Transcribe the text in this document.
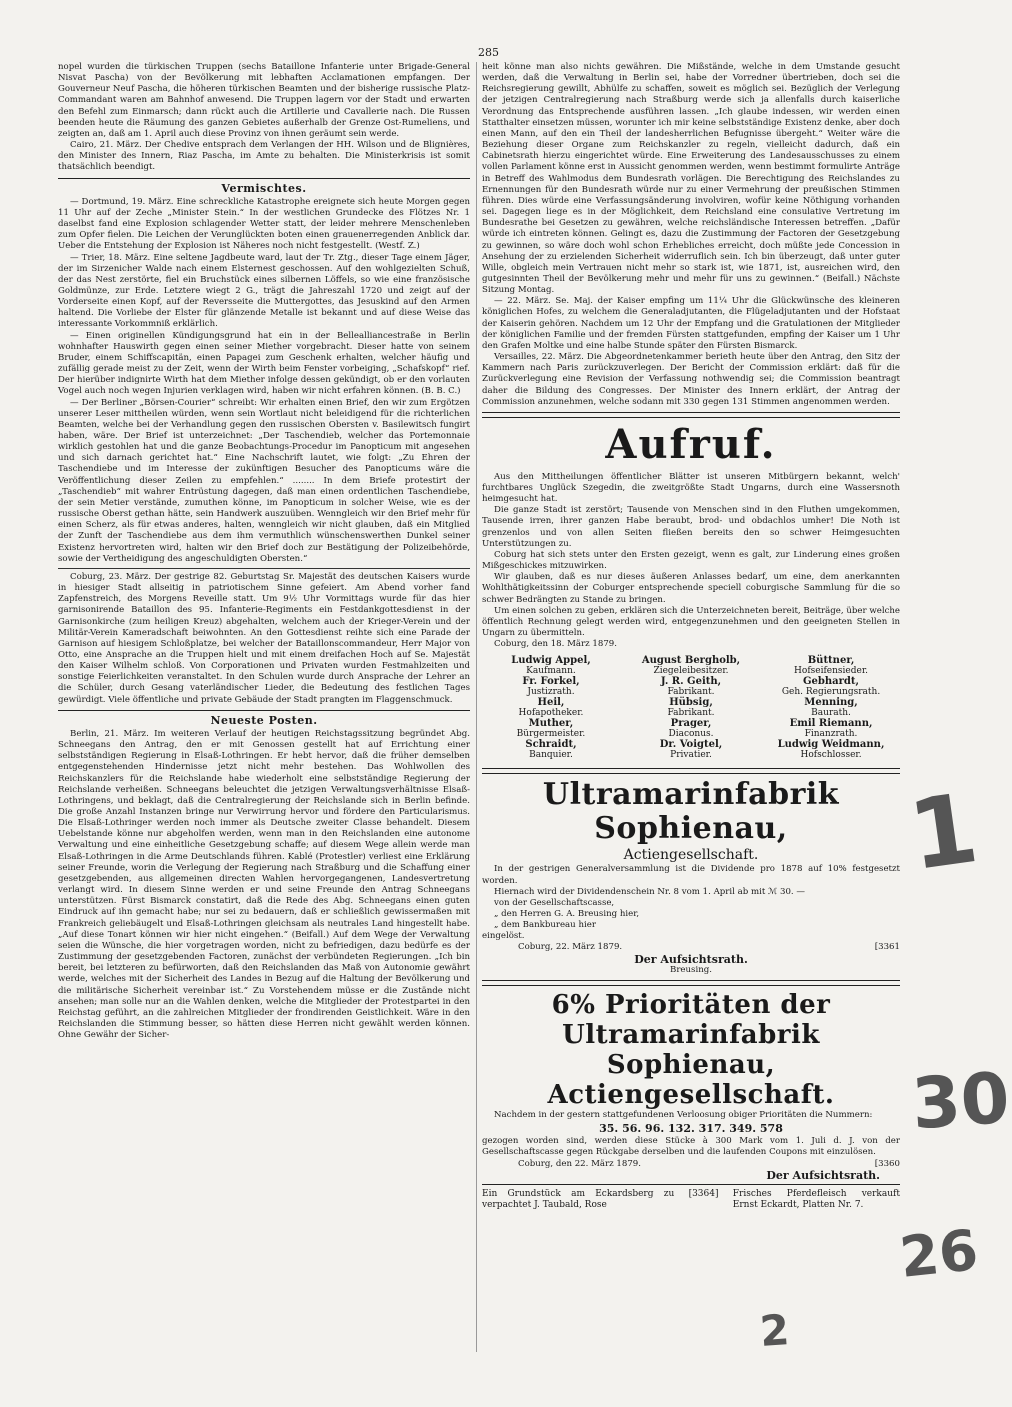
285

nopel wurden die türkischen Truppen (sechs Bataillone Infanterie unter Brigade-General Nisvat Pascha) von der Bevölkerung mit lebhaften Acclamationen empfangen. Der Gouverneur Neuf Pascha, die höheren türkischen Beamten und der bisherige russische Platz-Commandant waren am Bahnhof anwesend. Die Truppen lagern vor der Stadt und erwarten den Befehl zum Einmarsch; dann rückt auch die Artillerie und Cavallerie nach. Die Russen beenden heute die Räumung des ganzen Gebietes außerhalb der Grenze Ost-Rumeliens, und zeigten an, daß am 1. April auch diese Provinz von ihnen geräumt sein werde.

Cairo, 21. März. Der Chedive entsprach dem Verlangen der HH. Wilson und de Blignières, den Minister des Innern, Riaz Pascha, im Amte zu behalten. Die Ministerkrisis ist somit thatsächlich beendigt.

Vermischtes.

— Dortmund, 19. März. Eine schreckliche Katastrophe ereignete sich heute Morgen gegen 11 Uhr auf der Zeche „Minister Stein.“ In der westlichen Grundecke des Flötzes Nr. 1 daselbst fand eine Explosion schlagender Wetter statt, der leider mehrere Menschenleben zum Opfer fielen. Die Leichen der Verunglückten boten einen grauenerregenden Anblick dar. Ueber die Entstehung der Explosion ist Näheres noch nicht festgestellt. (Westf. Z.)

— Trier, 18. März. Eine seltene Jagdbeute ward, laut der Tr. Ztg., dieser Tage einem Jäger, der im Sirzenicher Walde nach einem Elsternest geschossen. Auf den wohlgezielten Schuß, der das Nest zerstörte, fiel ein Bruchstück eines silbernen Löffels, so wie eine französische Goldmünze, zur Erde. Letztere wiegt 2 G., trägt die Jahreszahl 1720 und zeigt auf der Vorderseite einen Kopf, auf der Reversseite die Muttergottes, das Jesuskind auf den Armen haltend. Die Vorliebe der Elster für glänzende Metalle ist bekannt und auf diese Weise das interessante Vorkommniß erklärlich.

— Einen originellen Kündigungsgrund hat ein in der Bellealliancestraße in Berlin wohnhafter Hauswirth gegen einen seiner Miether vorgebracht. Dieser hatte von seinem Bruder, einem Schiffscapitän, einen Papagei zum Geschenk erhalten, welcher häufig und zufällig gerade meist zu der Zeit, wenn der Wirth beim Fenster vorbeiging, „Schafskopf“ rief. Der hierüber indignirte Wirth hat dem Miether infolge dessen gekündigt, ob er den vorlauten Vogel auch noch wegen Injurien verklagen wird, haben wir nicht erfahren können. (B. B. C.)

— Der Berliner „Börsen-Courier“ schreibt: Wir erhalten einen Brief, den wir zum Ergötzen unserer Leser mittheilen würden, wenn sein Wortlaut nicht beleidigend für die richterlichen Beamten, welche bei der Verhandlung gegen den russischen Obersten v. Basilewitsch fungirt haben, wäre. Der Brief ist unterzeichnet: „Der Taschendieb, welcher das Portemonnaie wirklich gestohlen hat und die ganze Beobachtungs-Procedur im Panopticum mit angesehen und sich darnach gerichtet hat.“ Eine Nachschrift lautet, wie folgt: „Zu Ehren der Taschendiebe und im Interesse der zukünftigen Besucher des Panopticums wäre die Veröffentlichung dieser Zeilen zu empfehlen.“ ........ In dem Briefe protestirt der „Taschendieb“ mit wahrer Entrüstung dagegen, daß man einen ordentlichen Taschendiebe, der sein Metier verstände, zumuthen könne, im Panopticum in solcher Weise, wie es der russische Oberst gethan hätte, sein Handwerk auszuüben. Wenngleich wir den Brief mehr für einen Scherz, als für etwas anderes, halten, wenngleich wir nicht glauben, daß ein Mitglied der Zunft der Taschendiebe aus dem ihm vermuthlich wünschenswerthen Dunkel seiner Existenz hervortreten wird, halten wir den Brief doch zur Bestätigung der Polizeibehörde, sowie der Vertheidigung des angeschuldigten Obersten.“

Coburg, 23. März. Der gestrige 82. Geburtstag Sr. Majestät des deutschen Kaisers wurde in hiesiger Stadt allseitig in patriotischem Sinne gefeiert. Am Abend vorher fand Zapfenstreich, des Morgens Reveille statt. Um 9½ Uhr Vormittags wurde für das hier garnisonirende Bataillon des 95. Infanterie-Regiments ein Festdankgottesdienst in der Garnisonkirche (zum heiligen Kreuz) abgehalten, welchem auch der Krieger-Verein und der Militär-Verein Kameradschaft beiwohnten. An den Gottesdienst reihte sich eine Parade der Garnison auf hiesigem Schloßplatze, bei welcher der Bataillonscommandeur, Herr Major von Otto, eine Ansprache an die Truppen hielt und mit einem dreifachen Hoch auf Se. Majestät den Kaiser Wilhelm schloß. Von Corporationen und Privaten wurden Festmahlzeiten und sonstige Feierlichkeiten veranstaltet. In den Schulen wurde durch Ansprache der Lehrer an die Schüler, durch Gesang vaterländischer Lieder, die Bedeutung des festlichen Tages gewürdigt. Viele öffentliche und private Gebäude der Stadt prangten im Flaggenschmuck.

Neueste Posten.

Berlin, 21. März. Im weiteren Verlauf der heutigen Reichstagssitzung begründet Abg. Schneegans den Antrag, den er mit Genossen gestellt hat auf Errichtung einer selbstständigen Regierung in Elsaß-Lothringen. Er hebt hervor, daß die früher demselben entgegenstehenden Hindernisse jetzt nicht mehr bestehen. Das Wohlwollen des Reichskanzlers für die Reichslande habe wiederholt eine selbstständige Regierung der Reichslande verheißen. Schneegans beleuchtet die jetzigen Verwaltungsverhältnisse Elsaß-Lothringens, und beklagt, daß die Centralregierung der Reichslande sich in Berlin befinde. Die große Anzahl Instanzen bringe nur Verwirrung hervor und fördere den Particularismus. Die Elsaß-Lothringer werden noch immer als Deutsche zweiter Classe behandelt. Diesem Uebelstande könne nur abgeholfen werden, wenn man in den Reichslanden eine autonome Verwaltung und eine einheitliche Gesetzgebung schaffe; auf diesem Wege allein werde man Elsaß-Lothringen in die Arme Deutschlands führen. Kablé (Protestler) verliest eine Erklärung seiner Freunde, worin die Verlegung der Regierung nach Straßburg und die Schaffung einer gesetzgebenden, aus allgemeinen directen Wahlen hervorgegangenen, Landesvertretung verlangt wird. In diesem Sinne werden er und seine Freunde den Antrag Schneegans unterstützen. Fürst Bismarck constatirt, daß die Rede des Abg. Schneegans einen guten Eindruck auf ihn gemacht habe; nur sei zu bedauern, daß er schließlich gewissermaßen mit Frankreich geliebäugelt und Elsaß-Lothringen gleichsam als neutrales Land hingestellt habe. „Auf diese Tonart können wir hier nicht eingehen.“ (Beifall.) Auf dem Wege der Verwaltung seien die Wünsche, die hier vorgetragen worden, nicht zu befriedigen, dazu bedürfe es der Zustimmung der gesetzgebenden Factoren, zunächst der verbündeten Regierungen. „Ich bin bereit, bei letzteren zu befürworten, daß den Reichslanden das Maß von Autonomie gewährt werde, welches mit der Sicherheit des Landes in Bezug auf die Haltung der Bevölkerung und die militärische Sicherheit vereinbar ist.“ Zu Vorstehendem müsse er die Zustände nicht ansehen; man solle nur an die Wahlen denken, welche die Mitglieder der Protestpartei in den Reichstag geführt, an die zahlreichen Mitglieder der frondirenden Geistlichkeit. Wäre in den Reichslanden die Stimmung besser, so hätten diese Herren nicht gewählt werden können. Ohne Gewähr der Sicher-

heit könne man also nichts gewähren. Die Mißstände, welche in dem Umstande gesucht werden, daß die Verwaltung in Berlin sei, habe der Vorredner übertrieben, doch sei die Reichsregierung gewillt, Abhülfe zu schaffen, soweit es möglich sei. Bezüglich der Verlegung der jetzigen Centralregierung nach Straßburg werde sich ja allenfalls durch kaiserliche Verordnung das Entsprechende ausführen lassen. „Ich glaube indessen, wir werden einen Statthalter einsetzen müssen, worunter ich mir keine selbstständige Existenz denke, aber doch einen Mann, auf den ein Theil der landesherrlichen Befugnisse übergeht.“ Weiter wäre die Beziehung dieser Organe zum Reichskanzler zu regeln, vielleicht dadurch, daß ein Cabinetsrath hierzu eingerichtet würde. Eine Erweiterung des Landesausschusses zu einem vollen Parlament könne erst in Aussicht genommen werden, wenn bestimmt formulirte Anträge in Betreff des Wahlmodus dem Bundesrath vorlägen. Die Berechtigung des Reichslandes zu Ernennungen für den Bundesrath würde nur zu einer Vermehrung der preußischen Stimmen führen. Dies würde eine Verfassungsänderung involviren, wofür keine Nöthigung vorhanden sei. Dagegen liege es in der Möglichkeit, dem Reichsland eine consulative Vertretung im Bundesrathe bei Gesetzen zu gewähren, welche reichsländische Interessen betreffen. „Dafür würde ich eintreten können. Gelingt es, dazu die Zustimmung der Factoren der Gesetzgebung zu gewinnen, so wäre doch wohl schon Erhebliches erreicht, doch müßte jede Concession in Ansehung der zu erzielenden Sicherheit widerruflich sein. Ich bin überzeugt, daß unter guter Wille, obgleich mein Vertrauen nicht mehr so stark ist, wie 1871, ist, ausreichen wird, den gutgesinnten Theil der Bevölkerung mehr und mehr für uns zu gewinnen.“ (Beifall.) Nächste Sitzung Montag.

— 22. März. Se. Maj. der Kaiser empfing um 11¼ Uhr die Glückwünsche des kleineren königlichen Hofes, zu welchem die Generaladjutanten, die Flügeladjutanten und der Hofstaat der Kaiserin gehören. Nachdem um 12 Uhr der Empfang und die Gratulationen der Mitglieder der königlichen Familie und der fremden Fürsten stattgefunden, empfing der Kaiser um 1 Uhr den Grafen Moltke und eine halbe Stunde später den Fürsten Bismarck.

Versailles, 22. März. Die Abgeordnetenkammer berieth heute über den Antrag, den Sitz der Kammern nach Paris zurückzuverlegen. Der Bericht der Commission erklärt: daß für die Zurückverlegung eine Revision der Verfassung nothwendig sei; die Commission beantragt daher die Bildung des Congresses. Der Minister des Innern erklärt, der Antrag der Commission anzunehmen, welche sodann mit 330 gegen 131 Stimmen angenommen werden.

Aufruf.

Aus den Mittheilungen öffentlicher Blätter ist unseren Mitbürgern bekannt, welch' furchtbares Unglück Szegedin, die zweitgrößte Stadt Ungarns, durch eine Wassersnoth heimgesucht hat.

Die ganze Stadt ist zerstört; Tausende von Menschen sind in den Fluthen umgekommen, Tausende irren, ihrer ganzen Habe beraubt, brod- und obdachlos umher! Die Noth ist grenzenlos und von allen Seiten fließen bereits den so schwer Heimgesuchten Unterstützungen zu.

Coburg hat sich stets unter den Ersten gezeigt, wenn es galt, zur Linderung eines großen Mißgeschickes mitzuwirken.

Wir glauben, daß es nur dieses äußeren Anlasses bedarf, um eine, dem anerkannten Wohlthätigkeitssinn der Coburger entsprechende speciell coburgische Sammlung für die so schwer Bedrängten zu Stande zu bringen.

Um einen solchen zu geben, erklären sich die Unterzeichneten bereit, Beiträge, über welche öffentlich Rechnung gelegt werden wird, entgegenzunehmen und den geeigneten Stellen in Ungarn zu übermitteln.

Coburg, den 18. März 1879.

Ludwig Appel,
Kaufmann.
August Bergholb,
Ziegeleibesitzer.
Büttner,
Hofseifensieder.
Fr. Forkel,
Justizrath.
J. R. Geith,
Fabrikant.
Gebhardt,
Geh. Regierungsrath.
Heil,
Hofapotheker.
Hübsig,
Fabrikant.
Menning,
Baurath.
Muther,
Bürgermeister.
Prager,
Diaconus.
Emil Riemann,
Finanzrath.
Schraidt,
Banquier.
Dr. Voigtel,
Privatier.
Ludwig Weidmann,
Hofschlosser.
Ultramarinfabrik Sophienau,
Actiengesellschaft.

In der gestrigen Generalversammlung ist die Dividende pro 1878 auf 10% festgesetzt worden.

Hiernach wird der Dividendenschein Nr. 8 vom 1. April ab mit ℳ 30. —

von der Gesellschaftscasse,

„ den Herren G. A. Breusing hier,

„ dem Bankbureau hier

eingelöst.

Coburg, 22. März 1879.	[3361
Der Aufsichtsrath.
Breusing.
6% Prioritäten der Ultramarinfabrik
Sophienau, Actiengesellschaft.

Nachdem in der gestern stattgefundenen Verloosung obiger Prioritäten die Nummern:

35. 56. 96. 132. 317. 349. 578

gezogen worden sind, werden diese Stücke à 300 Mark vom 1. Juli d. J. von der Gesellschaftscasse gegen Rückgabe derselben und die laufenden Coupons mit einzulösen.

Coburg, den 22. März 1879.	[3360
Der Aufsichtsrath.
Ein Grundstück am Eckardsberg zu verpachtet J. Taubald, Rose
[3364] Frisches Pferdefleisch verkauft Ernst Eckardt, Platten Nr. 7.
1
30
26
2
